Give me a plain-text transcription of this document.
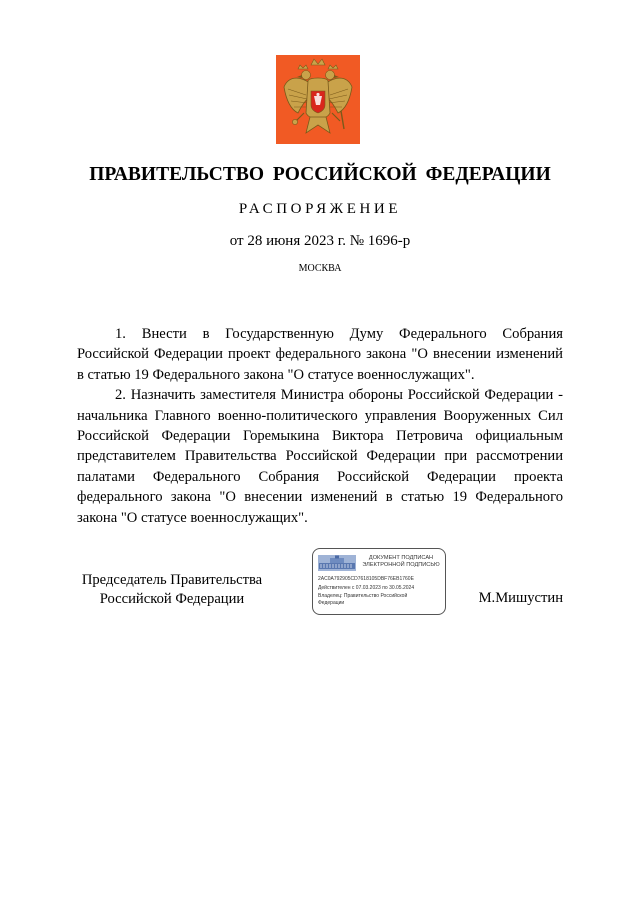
ПРАВИТЕЛЬСТВО РОССИЙСКОЙ ФЕДЕРАЦИИ
РАСПОРЯЖЕНИЕ
от 28 июня 2023 г. № 1696-р
МОСКВА

1. Внести в Государственную Думу Федерального Собрания Российской Федерации проект федерального закона "О внесении изменений в статью 19 Федерального закона "О статусе военнослужащих".

2. Назначить заместителя Министра обороны Российской Федерации - начальника Главного военно-политического управления Вооруженных Сил Российской Федерации Горемыкина Виктора Петровича официальным представителем Правительства Российской Федерации при рассмотрении палатами Федерального Собрания Российской Федерации проекта федерального закона "О внесении изменений в статью 19 Федерального закона "О статусе военнослужащих".

Председатель Правительства
Российской Федерации
ДОКУМЕНТ ПОДПИСАН
ЭЛЕКТРОННОЙ ПОДПИСЬЮ
2AC0A792905CD7618105DBF76EB1760E
Действителен с 07.03.2023 по 30.05.2024
Владелец: Правительство Российской
Федерации	М.Мишустин
